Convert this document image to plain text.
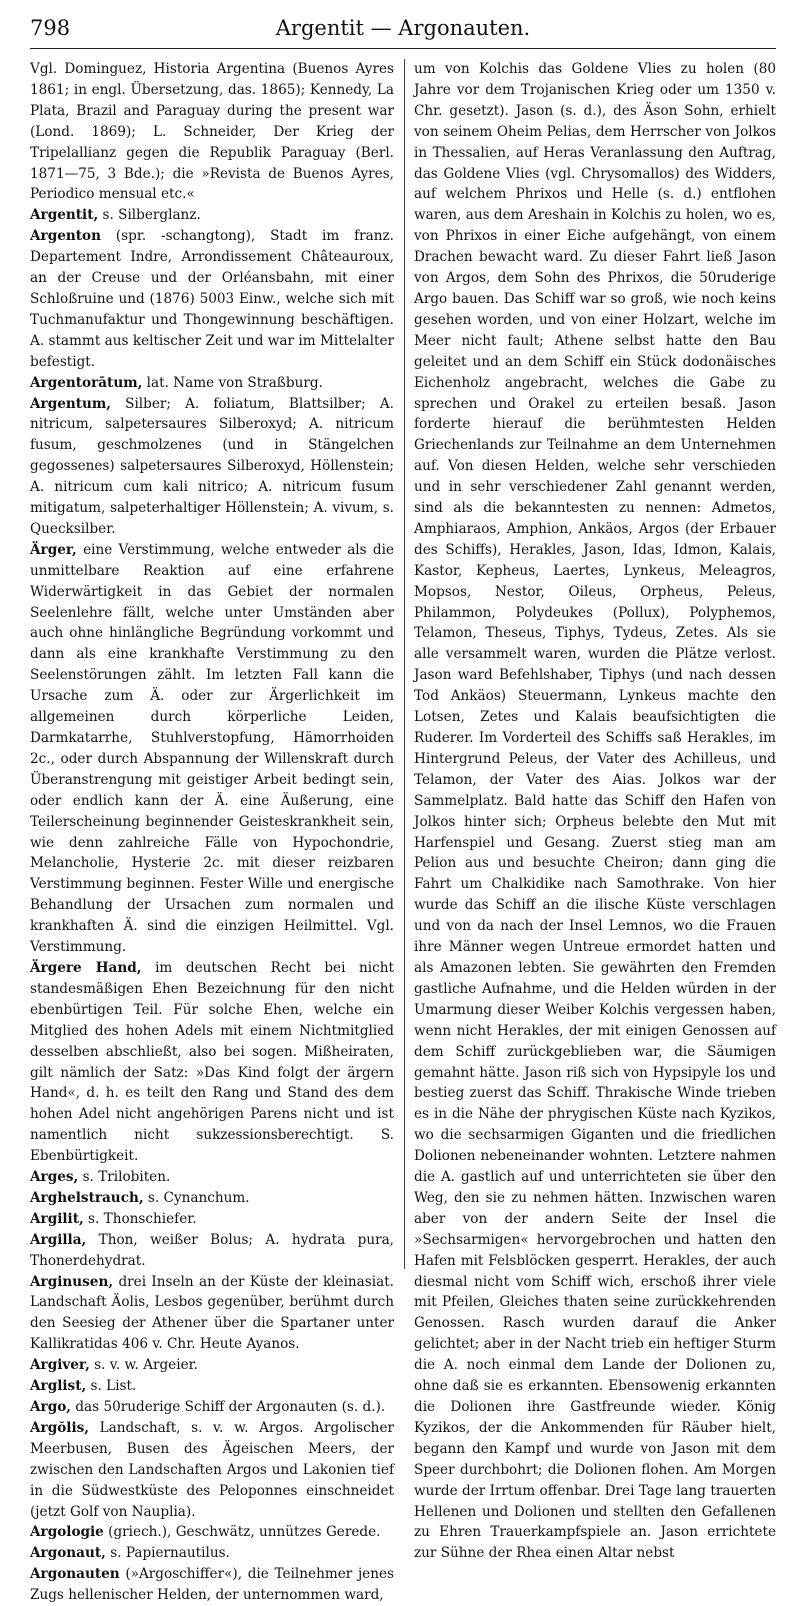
798	Argentit — Argonauten.

Vgl. Dominguez, Historia Argentina (Buenos Ayres 1861; in engl. Übersetzung, das. 1865); Kennedy, La Plata, Brazil and Paraguay during the present war (Lond. 1869); L. Schneider, Der Krieg der Tripelallianz gegen die Republik Paraguay (Berl. 1871—75, 3 Bde.); die »Revista de Buenos Ayres, Periodico mensual etc.«

Argentit, s. Silberglanz.

Argenton (spr. -schangtong), Stadt im franz. Departement Indre, Arrondissement Châteauroux, an der Creuse und der Orléansbahn, mit einer Schloßruine und (1876) 5003 Einw., welche sich mit Tuchmanufaktur und Thongewinnung beschäftigen. A. stammt aus keltischer Zeit und war im Mittelalter befestigt.

Argentorātum, lat. Name von Straßburg.

Argentum, Silber; A. foliatum, Blattsilber; A. nitricum, salpetersaures Silberoxyd; A. nitricum fusum, geschmolzenes (und in Stängelchen gegossenes) salpetersaures Silberoxyd, Höllenstein; A. nitricum cum kali nitrico; A. nitricum fusum mitigatum, salpeterhaltiger Höllenstein; A. vivum, s. Quecksilber.

Ärger, eine Verstimmung, welche entweder als die unmittelbare Reaktion auf eine erfahrene Widerwärtigkeit in das Gebiet der normalen Seelenlehre fällt, welche unter Umständen aber auch ohne hinlängliche Begründung vorkommt und dann als eine krankhafte Verstimmung zu den Seelenstörungen zählt. Im letzten Fall kann die Ursache zum Ä. oder zur Ärgerlichkeit im allgemeinen durch körperliche Leiden, Darmkatarrhe, Stuhlverstopfung, Hämorrhoiden 2c., oder durch Abspannung der Willenskraft durch Überanstrengung mit geistiger Arbeit bedingt sein, oder endlich kann der Ä. eine Äußerung, eine Teilerscheinung beginnender Geisteskrankheit sein, wie denn zahlreiche Fälle von Hypochondrie, Melancholie, Hysterie 2c. mit dieser reizbaren Verstimmung beginnen. Fester Wille und energische Behandlung der Ursachen zum normalen und krankhaften Ä. sind die einzigen Heilmittel. Vgl. Verstimmung.

Ärgere Hand, im deutschen Recht bei nicht standesmäßigen Ehen Bezeichnung für den nicht ebenbürtigen Teil. Für solche Ehen, welche ein Mitglied des hohen Adels mit einem Nichtmitglied desselben abschließt, also bei sogen. Mißheiraten, gilt nämlich der Satz: »Das Kind folgt der ärgern Hand«, d. h. es teilt den Rang und Stand des dem hohen Adel nicht angehörigen Parens nicht und ist namentlich nicht sukzessionsberechtigt. S. Ebenbürtigkeit.

Arges, s. Trilobiten.

Arghelstrauch, s. Cynanchum.

Argilit, s. Thonschiefer.

Argilla, Thon, weißer Bolus; A. hydrata pura, Thonerdehydrat.

Arginusen, drei Inseln an der Küste der kleinasiat. Landschaft Äolis, Lesbos gegenüber, berühmt durch den Seesieg der Athener über die Spartaner unter Kallikratidas 406 v. Chr. Heute Ayanos.

Argiver, s. v. w. Argeier.

Arglist, s. List.

Argo, das 50ruderige Schiff der Argonauten (s. d.).

Argŏlis, Landschaft, s. v. w. Argos. Argolischer Meerbusen, Busen des Ägeischen Meers, der zwischen den Landschaften Argos und Lakonien tief in die Südwestküste des Peloponnes einschneidet (jetzt Golf von Nauplia).

Argologie (griech.), Geschwätz, unnützes Gerede.

Argonaut, s. Papiernautilus.

Argonauten (»Argoschiffer«), die Teilnehmer jenes Zugs hellenischer Helden, der unternommen ward,

um von Kolchis das Goldene Vlies zu holen (80 Jahre vor dem Trojanischen Krieg oder um 1350 v. Chr. gesetzt). Jason (s. d.), des Äson Sohn, erhielt von seinem Oheim Pelias, dem Herrscher von Jolkos in Thessalien, auf Heras Veranlassung den Auftrag, das Goldene Vlies (vgl. Chrysomallos) des Widders, auf welchem Phrixos und Helle (s. d.) entflohen waren, aus dem Areshain in Kolchis zu holen, wo es, von Phrixos in einer Eiche aufgehängt, von einem Drachen bewacht ward. Zu dieser Fahrt ließ Jason von Argos, dem Sohn des Phrixos, die 50ruderige Argo bauen. Das Schiff war so groß, wie noch keins gesehen worden, und von einer Holzart, welche im Meer nicht fault; Athene selbst hatte den Bau geleitet und an dem Schiff ein Stück dodonäisches Eichenholz angebracht, welches die Gabe zu sprechen und Orakel zu erteilen besaß. Jason forderte hierauf die berühmtesten Helden Griechenlands zur Teilnahme an dem Unternehmen auf. Von diesen Helden, welche sehr verschieden und in sehr verschiedener Zahl genannt werden, sind als die bekanntesten zu nennen: Admetos, Amphiaraos, Amphion, Ankäos, Argos (der Erbauer des Schiffs), Herakles, Jason, Idas, Idmon, Kalais, Kastor, Kepheus, Laertes, Lynkeus, Meleagros, Mopsos, Nestor, Oileus, Orpheus, Peleus, Philammon, Polydeukes (Pollux), Polyphemos, Telamon, Theseus, Tiphys, Tydeus, Zetes. Als sie alle versammelt waren, wurden die Plätze verlost. Jason ward Befehlshaber, Tiphys (und nach dessen Tod Ankäos) Steuermann, Lynkeus machte den Lotsen, Zetes und Kalais beaufsichtigten die Ruderer. Im Vorderteil des Schiffs saß Herakles, im Hintergrund Peleus, der Vater des Achilleus, und Telamon, der Vater des Aias. Jolkos war der Sammelplatz. Bald hatte das Schiff den Hafen von Jolkos hinter sich; Orpheus belebte den Mut mit Harfenspiel und Gesang. Zuerst stieg man am Pelion aus und besuchte Cheiron; dann ging die Fahrt um Chalkidike nach Samothrake. Von hier wurde das Schiff an die ilische Küste verschlagen und von da nach der Insel Lemnos, wo die Frauen ihre Männer wegen Untreue ermordet hatten und als Amazonen lebten. Sie gewährten den Fremden gastliche Aufnahme, und die Helden würden in der Umarmung dieser Weiber Kolchis vergessen haben, wenn nicht Herakles, der mit einigen Genossen auf dem Schiff zurückgeblieben war, die Säumigen gemahnt hätte. Jason riß sich von Hypsipyle los und bestieg zuerst das Schiff. Thrakische Winde trieben es in die Nähe der phrygischen Küste nach Kyzikos, wo die sechsarmigen Giganten und die friedlichen Dolionen nebeneinander wohnten. Letztere nahmen die A. gastlich auf und unterrichteten sie über den Weg, den sie zu nehmen hätten. Inzwischen waren aber von der andern Seite der Insel die »Sechsarmigen« hervorgebrochen und hatten den Hafen mit Felsblöcken gesperrt. Herakles, der auch diesmal nicht vom Schiff wich, erschoß ihrer viele mit Pfeilen, Gleiches thaten seine zurückkehrenden Genossen. Rasch wurden darauf die Anker gelichtet; aber in der Nacht trieb ein heftiger Sturm die A. noch einmal dem Lande der Dolionen zu, ohne daß sie es erkannten. Ebensowenig erkannten die Dolionen ihre Gastfreunde wieder. König Kyzikos, der die Ankommenden für Räuber hielt, begann den Kampf und wurde von Jason mit dem Speer durchbohrt; die Dolionen flohen. Am Morgen wurde der Irrtum offenbar. Drei Tage lang trauerten Hellenen und Dolionen und stellten den Gefallenen zu Ehren Trauerkampfspiele an. Jason errichtete zur Sühne der Rhea einen Altar nebst
